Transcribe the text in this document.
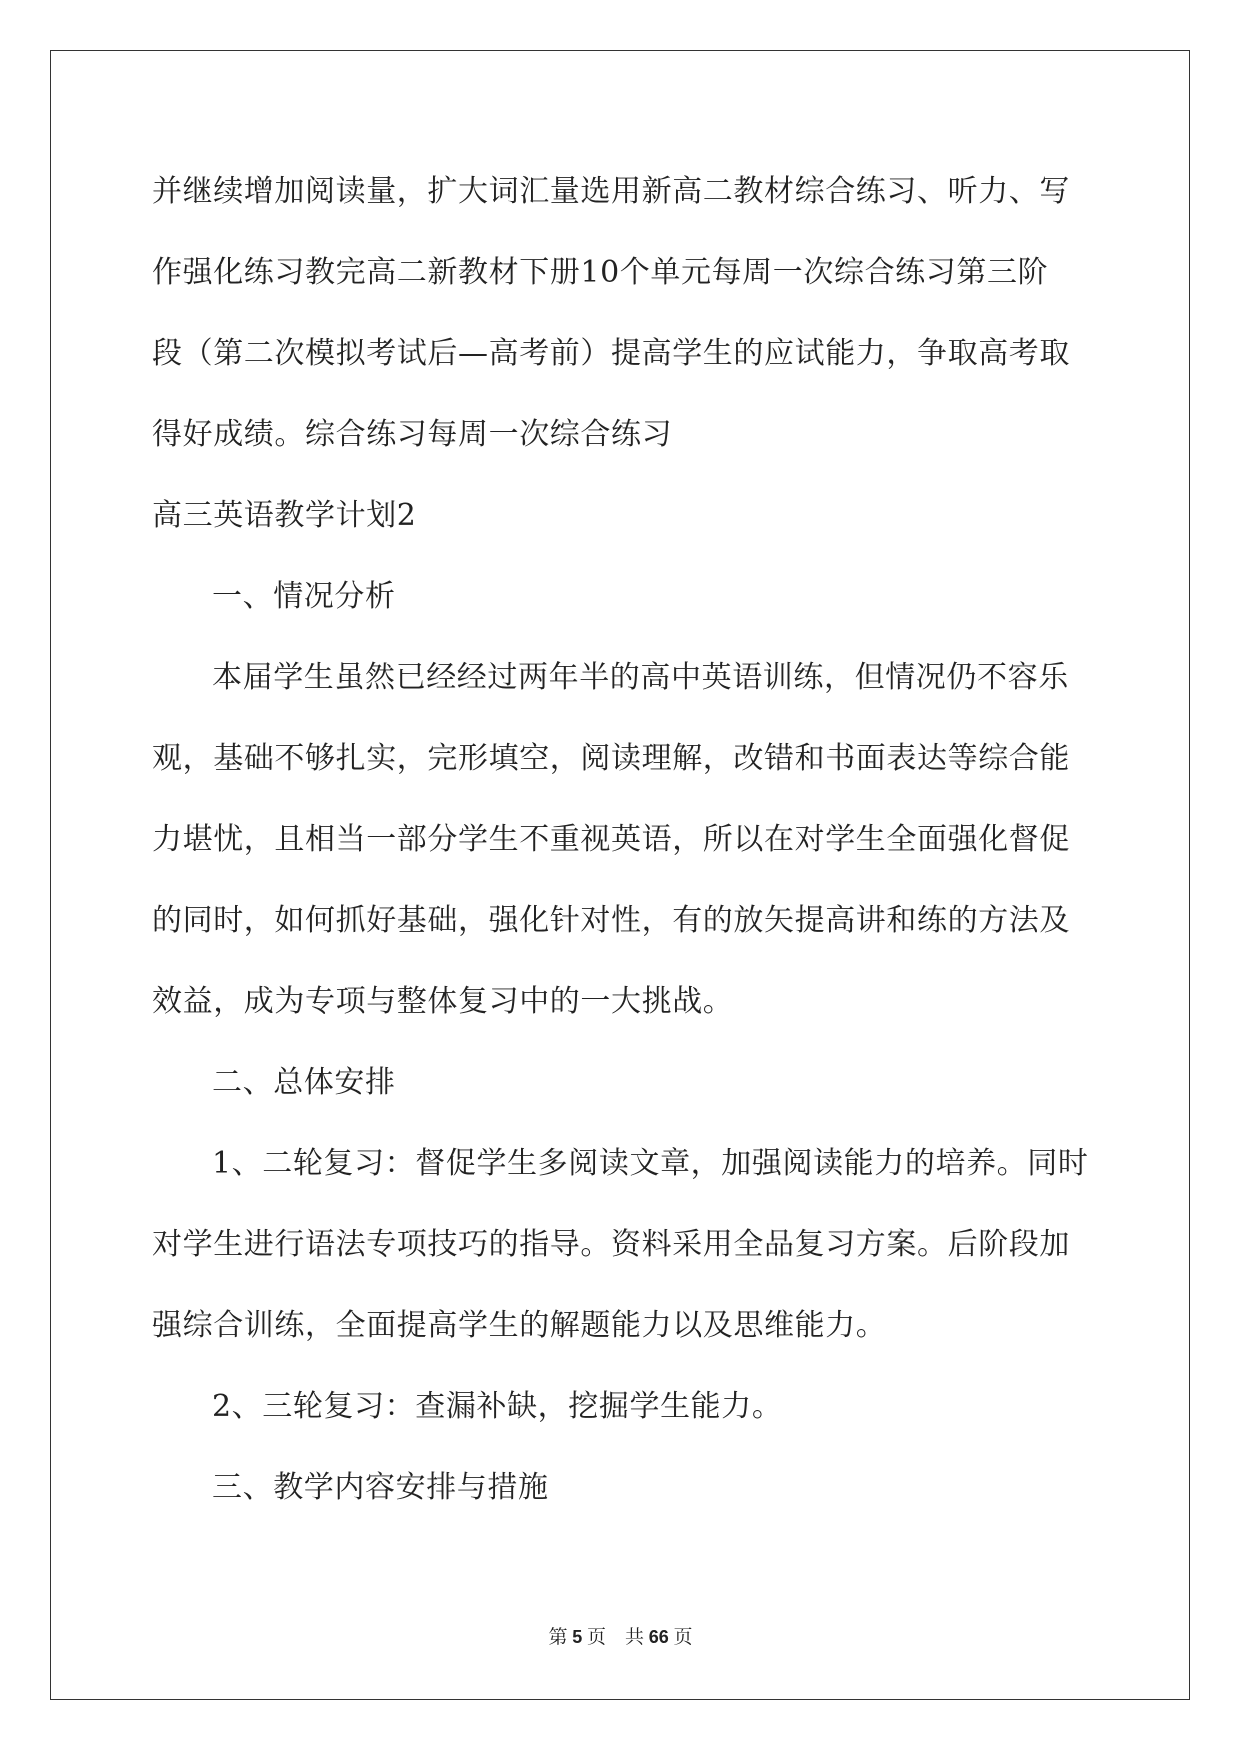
并继续增加阅读量，扩大词汇量选用新高二教材综合练习、听力、写
作强化练习教完高二新教材下册10个单元每周一次综合练习第三阶
段（第二次模拟考试后—高考前）提高学生的应试能力，争取高考取
得好成绩。综合练习每周一次综合练习
高三英语教学计划2
一、情况分析
本届学生虽然已经经过两年半的高中英语训练，但情况仍不容乐
观，基础不够扎实，完形填空，阅读理解，改错和书面表达等综合能
力堪忧，且相当一部分学生不重视英语，所以在对学生全面强化督促
的同时，如何抓好基础，强化针对性，有的放矢提高讲和练的方法及
效益，成为专项与整体复习中的一大挑战。
二、总体安排
1、二轮复习：督促学生多阅读文章，加强阅读能力的培养。同时
对学生进行语法专项技巧的指导。资料采用全品复习方案。后阶段加
强综合训练，全面提高学生的解题能力以及思维能力。
2、三轮复习：查漏补缺，挖掘学生能力。
三、教学内容安排与措施
第 5 页 共 66 页
